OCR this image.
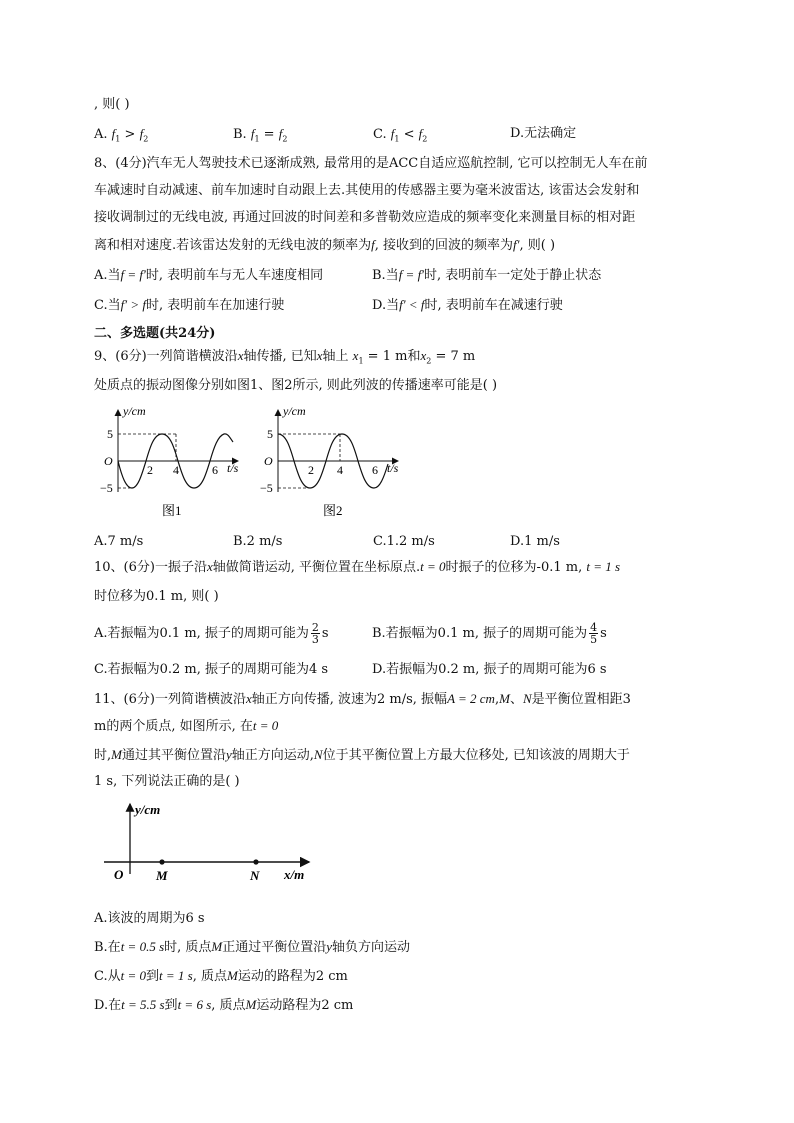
, 则( )
A. $f_1 > f_2$	B. $f_1 = f_2$	C. $f_1 < f_2$	D.无法确定
8、(4分)汽车无人驾驶技术已逐渐成熟, 最常用的是ACC自适应巡航控制, 它可以控制无人车在前
车减速时自动减速、前车加速时自动跟上去.其使用的传感器主要为毫米波雷达, 该雷达会发射和
接收调制过的无线电波, 再通过回波的时间差和多普勒效应造成的频率变化来测量目标的相对距
离和相对速度.若该雷达发射的无线电波的频率为f, 接收到的回波的频率为f′, 则( )
A.当f = f′时, 表明前车与无人车速度相同	B.当f = f′时, 表明前车一定处于静止状态
C.当f′ > f时, 表明前车在加速行驶	D.当f′ < f时, 表明前车在减速行驶
二、多选题(共24分)
9、(6分)一列简谐横波沿x轴传播, 已知x轴上 $x_1 = 1$ m和$x_2 = 7$ m
处质点的振动图像分别如图1、图2所示, 则此列波的传播速率可能是( )
y/cm
t/s
O
5
−5
2 4	6
图1
y/cm
t/s
O
5
−5
2 4 6
图2
A.7 m/s	B.2 m/s	C.1.2 m/s	D.1 m/s
10、(6分)一振子沿x轴做简谐运动, 平衡位置在坐标原点.t = 0时振子的位移为-0.1 m, t = 1 s
时位移为0.1 m, 则( )
A.若振幅为0.1 m, 振子的周期可能为 $\frac{2}{3}$ s	B.若振幅为0.1 m, 振子的周期可能为 $\frac{4}{5}$ s
C.若振幅为0.2 m, 振子的周期可能为4 s	D.若振幅为0.2 m, 振子的周期可能为6 s
11、(6分)一列简谐横波沿x轴正方向传播, 波速为2 m/s, 振幅A = 2 cm,M、N是平衡位置相距3
m的两个质点, 如图所示, 在t = 0
时,M通过其平衡位置沿y轴正方向运动,N位于其平衡位置上方最大位移处, 已知该波的周期大于
1 s, 下列说法正确的是( )
y/cm
x/m
O	M	N
A.该波的周期为6 s
B.在t = 0.5 s时, 质点M正通过平衡位置沿y轴负方向运动
C.从t = 0到t = 1 s, 质点M运动的路程为2 cm
D.在t = 5.5 s到t = 6 s, 质点M运动路程为2 cm
